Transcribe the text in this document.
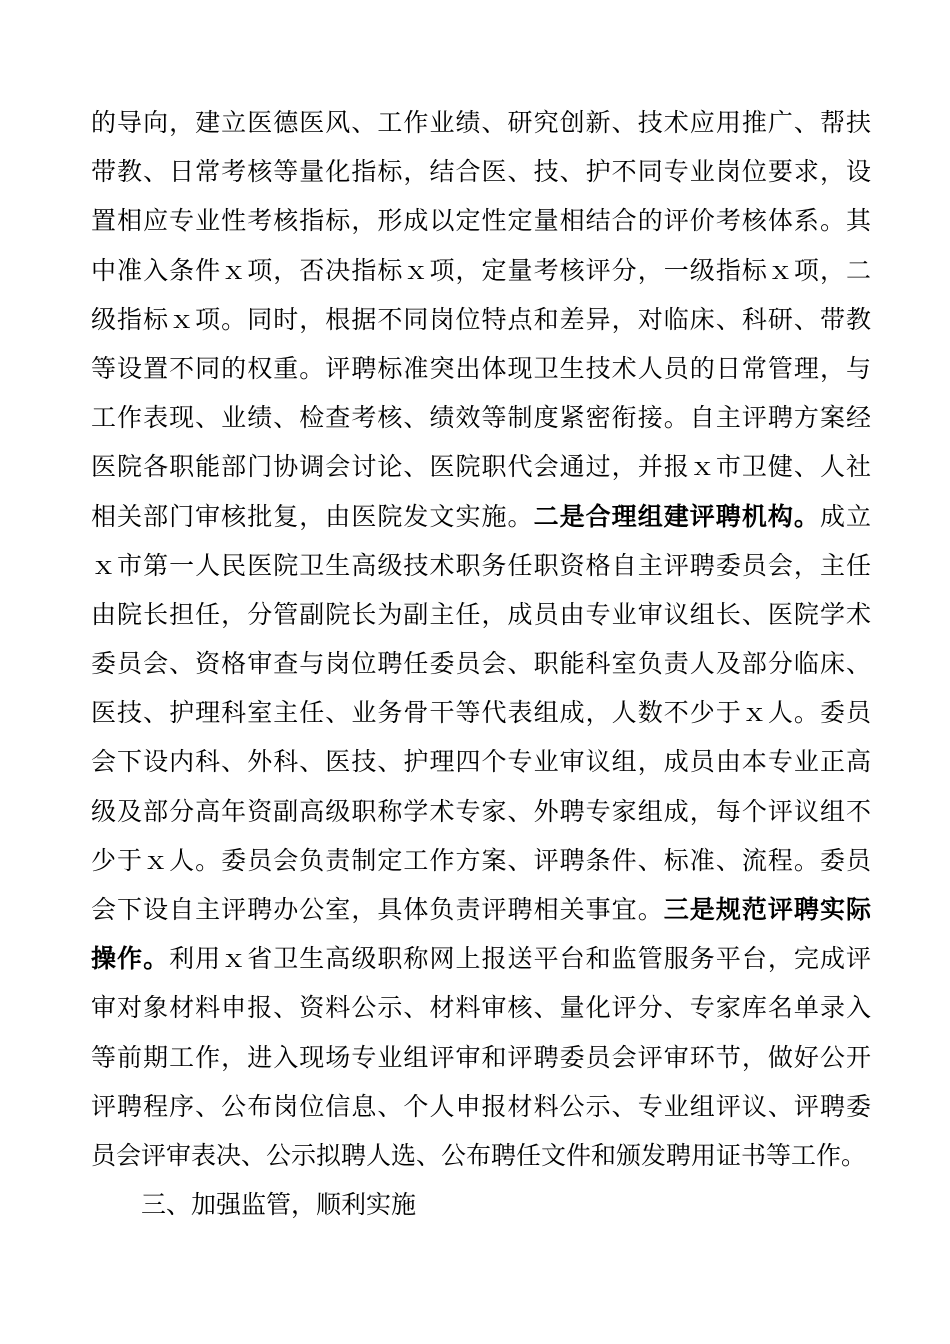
的导向，建立医德医风、工作业绩、研究创新、技术应用推广、帮扶
带教、日常考核等量化指标，结合医、技、护不同专业岗位要求，设
置相应专业性考核指标，形成以定性定量相结合的评价考核体系。其
中准入条件ｘ项，否决指标ｘ项，定量考核评分，一级指标ｘ项，二
级指标ｘ项。同时，根据不同岗位特点和差异，对临床、科研、带教
等设置不同的权重。评聘标准突出体现卫生技术人员的日常管理，与
工作表现、业绩、检查考核、绩效等制度紧密衔接。自主评聘方案经
医院各职能部门协调会讨论、医院职代会通过，并报ｘ市卫健、人社
相关部门审核批复，由医院发文实施。二是合理组建评聘机构。成立
ｘ市第一人民医院卫生高级技术职务任职资格自主评聘委员会，主任
由院长担任，分管副院长为副主任，成员由专业审议组长、医院学术
委员会、资格审查与岗位聘任委员会、职能科室负责人及部分临床、
医技、护理科室主任、业务骨干等代表组成，人数不少于ｘ人。委员
会下设内科、外科、医技、护理四个专业审议组，成员由本专业正高
级及部分高年资副高级职称学术专家、外聘专家组成，每个评议组不
少于ｘ人。委员会负责制定工作方案、评聘条件、标准、流程。委员
会下设自主评聘办公室，具体负责评聘相关事宜。三是规范评聘实际
操作。利用ｘ省卫生高级职称网上报送平台和监管服务平台，完成评
审对象材料申报、资料公示、材料审核、量化评分、专家库名单录入
等前期工作，进入现场专业组评审和评聘委员会评审环节，做好公开
评聘程序、公布岗位信息、个人申报材料公示、专业组评议、评聘委
员会评审表决、公示拟聘人选、公布聘任文件和颁发聘用证书等工作。
三、加强监管，顺利实施
